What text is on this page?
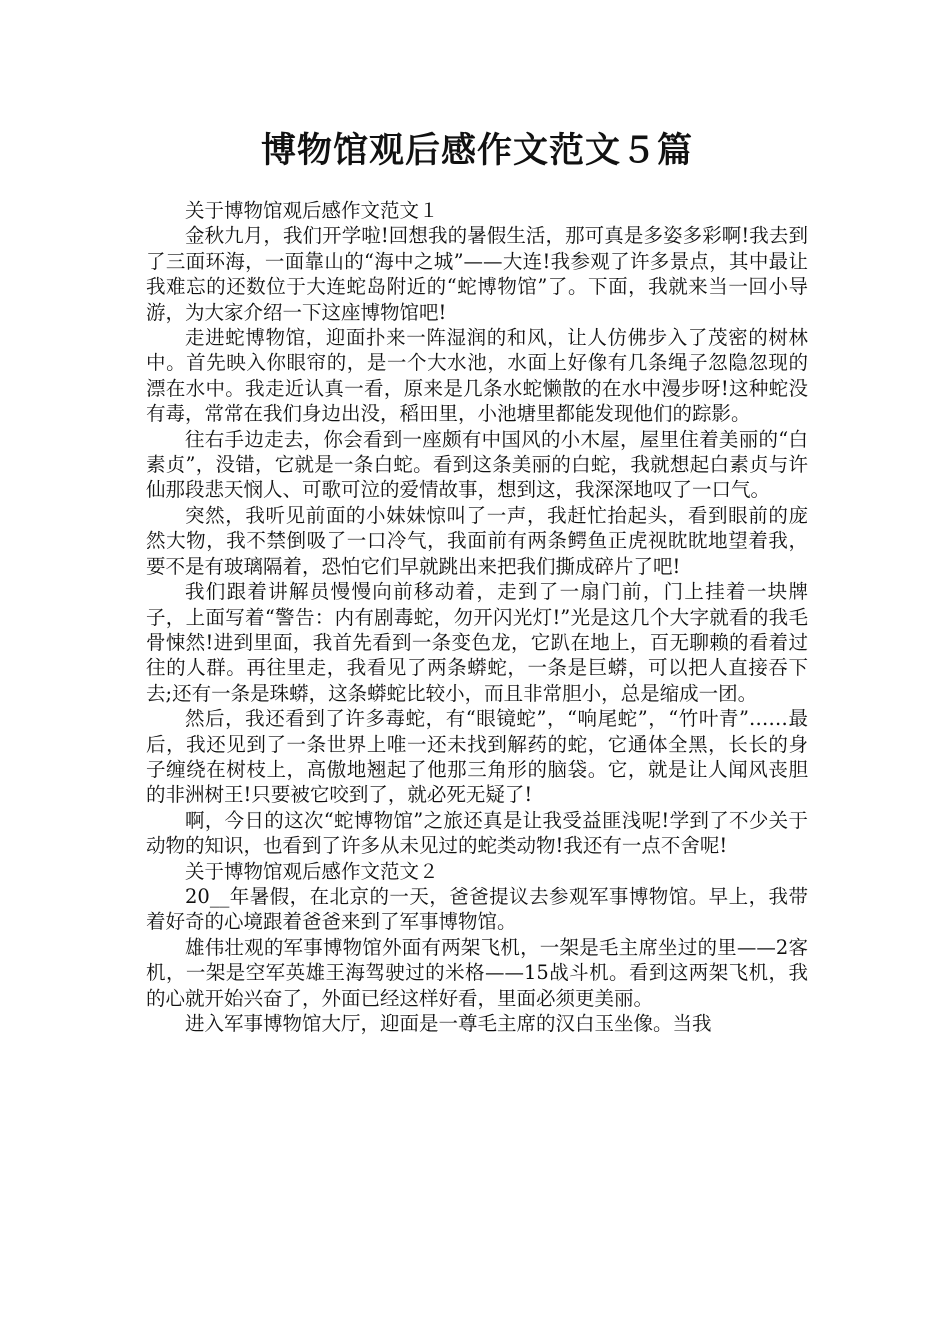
博物馆观后感作文范文５篇

关于博物馆观后感作文范文１

金秋九月，我们开学啦!回想我的暑假生活，那可真是多姿多彩啊!我去到了三面环海，一面靠山的“海中之城”——大连!我参观了许多景点，其中最让我难忘的还数位于大连蛇岛附近的“蛇博物馆”了。下面，我就来当一回小导游，为大家介绍一下这座博物馆吧!

走进蛇博物馆，迎面扑来一阵湿润的和风，让人仿佛步入了茂密的树林中。首先映入你眼帘的，是一个大水池，水面上好像有几条绳子忽隐忽现的漂在水中。我走近认真一看，原来是几条水蛇懒散的在水中漫步呀!这种蛇没有毒，常常在我们身边出没，稻田里，小池塘里都能发现他们的踪影。

往右手边走去，你会看到一座颇有中国风的小木屋，屋里住着美丽的“白素贞”，没错，它就是一条白蛇。看到这条美丽的白蛇，我就想起白素贞与许仙那段悲天悯人、可歌可泣的爱情故事，想到这，我深深地叹了一口气。

突然，我听见前面的小妹妹惊叫了一声，我赶忙抬起头，看到眼前的庞然大物，我不禁倒吸了一口冷气，我面前有两条鳄鱼正虎视眈眈地望着我，要不是有玻璃隔着，恐怕它们早就跳出来把我们撕成碎片了吧!

我们跟着讲解员慢慢向前移动着，走到了一扇门前，门上挂着一块牌子，上面写着“警告：内有剧毒蛇，勿开闪光灯!”光是这几个大字就看的我毛骨悚然!进到里面，我首先看到一条变色龙，它趴在地上，百无聊赖的看着过往的人群。再往里走，我看见了两条蟒蛇，一条是巨蟒，可以把人直接吞下去;还有一条是珠蟒，这条蟒蛇比较小，而且非常胆小，总是缩成一团。

然后，我还看到了许多毒蛇，有“眼镜蛇”，“响尾蛇”，“竹叶青”……最后，我还见到了一条世界上唯一还未找到解药的蛇，它通体全黑，长长的身子缠绕在树枝上，高傲地翘起了他那三角形的脑袋。它，就是让人闻风丧胆的非洲树王!只要被它咬到了，就必死无疑了!

啊，今日的这次“蛇博物馆”之旅还真是让我受益匪浅呢!学到了不少关于动物的知识，也看到了许多从未见过的蛇类动物!我还有一点不舍呢!

关于博物馆观后感作文范文２

20__年暑假，在北京的一天，爸爸提议去参观军事博物馆。早上，我带着好奇的心境跟着爸爸来到了军事博物馆。

雄伟壮观的军事博物馆外面有两架飞机，一架是毛主席坐过的里——2客机，一架是空军英雄王海驾驶过的米格——15战斗机。看到这两架飞机，我的心就开始兴奋了，外面已经这样好看，里面必须更美丽。

进入军事博物馆大厅，迎面是一尊毛主席的汉白玉坐像。当我
